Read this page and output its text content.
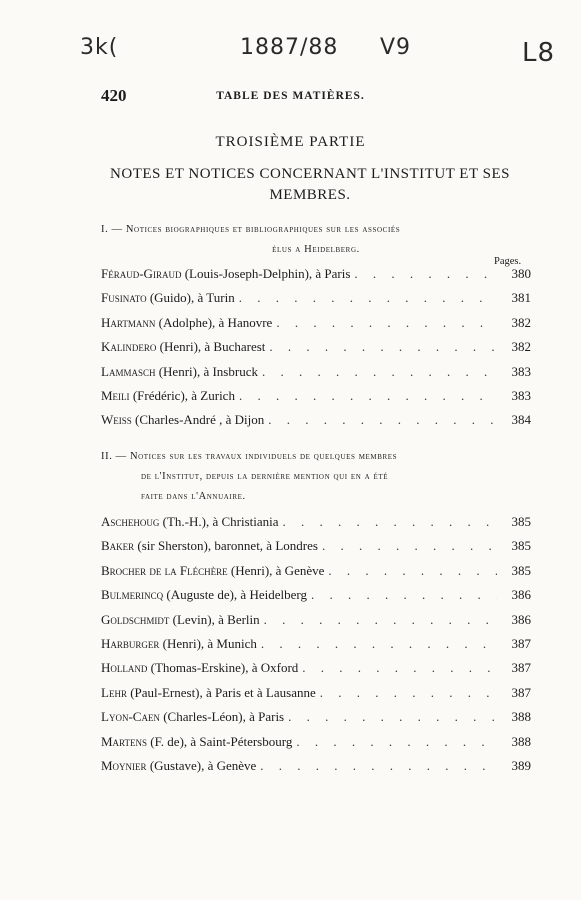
3k(	1887/88 V9	L8
420	TABLE DES MATIÈRES.
TROISIÈME PARTIE
NOTES ET NOTICES CONCERNANT L'INSTITUT ET SES MEMBRES.
I. — Notices biographiques et bibliographiques sur les associés
élus a Heidelberg.
Pages.
Féraud-Giraud (Louis-Joseph-Delphin), à Paris . . .	380
Fusinato (Guido), à Turin . . .	381
Hartmann (Adolphe), à Hanovre . . .	382
Kalindero (Henri), à Bucharest . . .	382
Lammasch (Henri), à Insbruck . . .	383
Meili (Frédéric), à Zurich . . .	383
Weiss (Charles-André , à Dijon . . .	384
II. — Notices sur les travaux individuels de quelques membres
de l'Institut, depuis la dernière mention qui en a été
faite dans l'Annuaire.
Aschehoug (Th.-H.), à Christiania . . .	385
Baker (sir Sherston), baronnet, à Londres . . .	385
Brocher de la Fléchère (Henri), à Genève . . .	385
Bulmerincq (Auguste de), à Heidelberg . . .	386
Goldschmidt (Levin), à Berlin . . .	386
Harburger (Henri), à Munich . . .	387
Holland (Thomas-Erskine), à Oxford . . .	387
Lehr (Paul-Ernest), à Paris et à Lausanne . . .	387
Lyon-Caen (Charles-Léon), à Paris . . .	388
Martens (F. de), à Saint-Pétersbourg . . .	388
Moynier (Gustave), à Genève . . .	389
